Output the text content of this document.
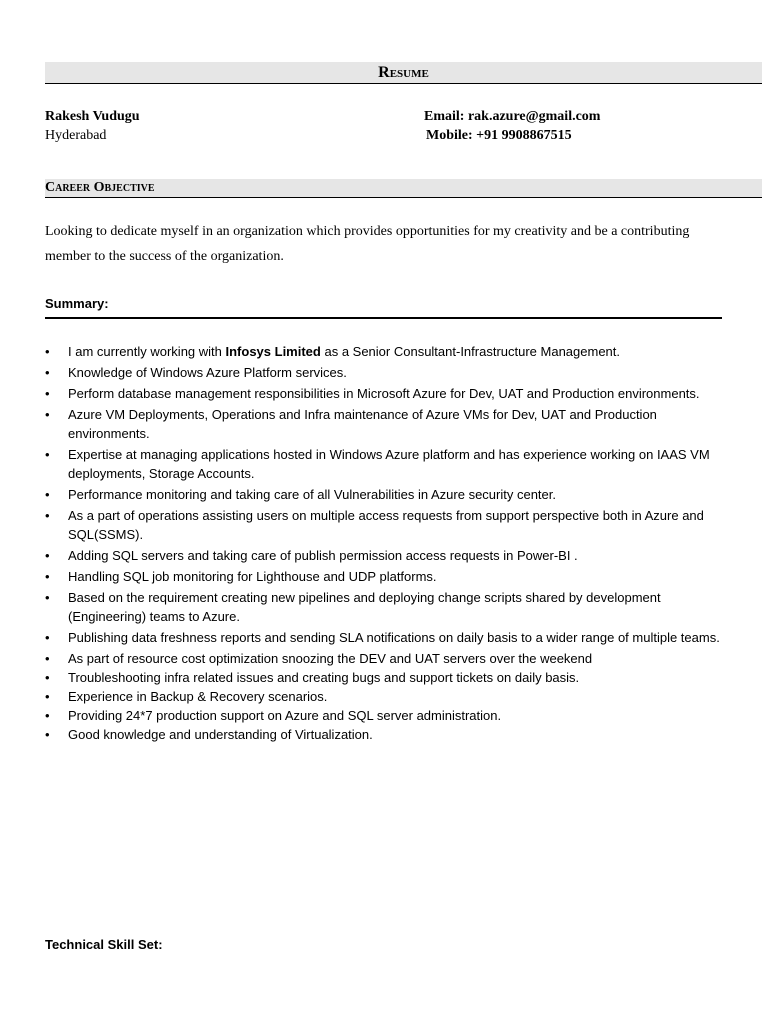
Resume
Rakesh Vudugu
Hyderabad
Email: rak.azure@gmail.com
Mobile: +91 9908867515
Career Objective
Looking to dedicate myself in an organization which provides opportunities for my creativity and be a contributing member to the success of the organization.
Summary:
• I am currently working with Infosys Limited as a Senior Consultant-Infrastructure Management.
• Knowledge of Windows Azure Platform services.
• Perform database management responsibilities in Microsoft Azure for Dev, UAT and Production environments.
• Azure VM Deployments, Operations and Infra maintenance of Azure VMs for Dev, UAT and Production environments.
• Expertise at managing applications hosted in Windows Azure platform and has experience working on IAAS VM deployments, Storage Accounts.
• Performance monitoring and taking care of all Vulnerabilities in Azure security center.
• As a part of operations assisting users on multiple access requests from support perspective both in Azure and SQL(SSMS).
• Adding SQL servers and taking care of publish permission access requests in Power-BI .
• Handling SQL job monitoring for Lighthouse and UDP platforms.
• Based on the requirement creating new pipelines and deploying change scripts shared by development (Engineering) teams to Azure.
• Publishing data freshness reports and sending SLA notifications on daily basis to a wider range of multiple teams.
• As part of resource cost optimization snoozing the DEV and UAT servers over the weekend
• Troubleshooting infra related issues and creating bugs and support tickets on daily basis.
• Experience in Backup & Recovery scenarios.
• Providing 24*7 production support on Azure and SQL server administration.
• Good knowledge and understanding of Virtualization.
Technical Skill Set:
